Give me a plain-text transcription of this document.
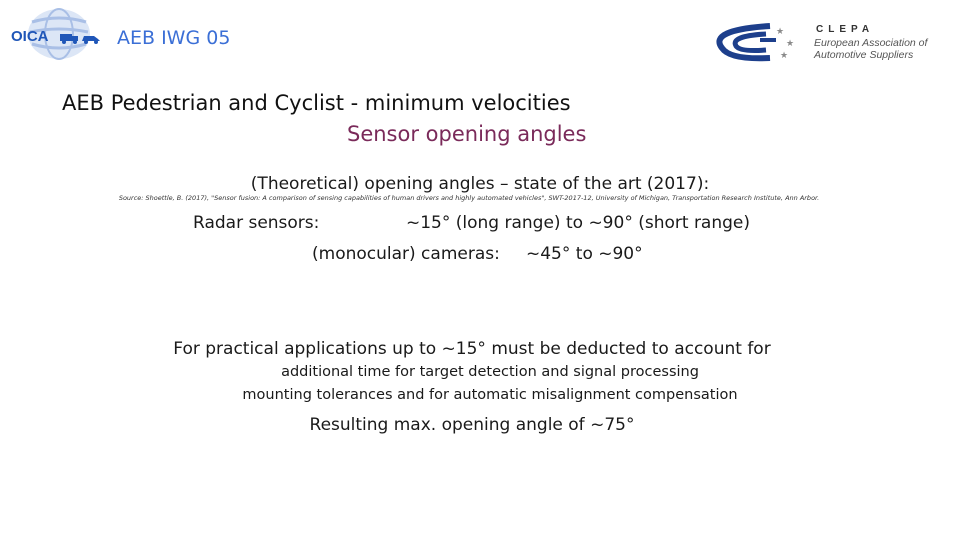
OICA	AEB IWG 05	★
★
★
CLEPA
European Association of
Automotive Suppliers
AEB Pedestrian and Cyclist - minimum velocities
Sensor opening angles
(Theoretical) opening angles – state of the art (2017):
Source: Shoettle, B. (2017), "Sensor fusion: A comparison of sensing capabilities of human drivers and highly automated vehicles", SWT-2017-12, University of Michigan, Transportation Research Institute, Ann Arbor.
Radar sensors:	~15° (long range) to ~90° (short range)
(monocular) cameras: ~45° to ~90°
For practical applications up to ~15° must be deducted to account for
additional time for target detection and signal processing
mounting tolerances and for automatic misalignment compensation
Resulting max. opening angle of ~75°
